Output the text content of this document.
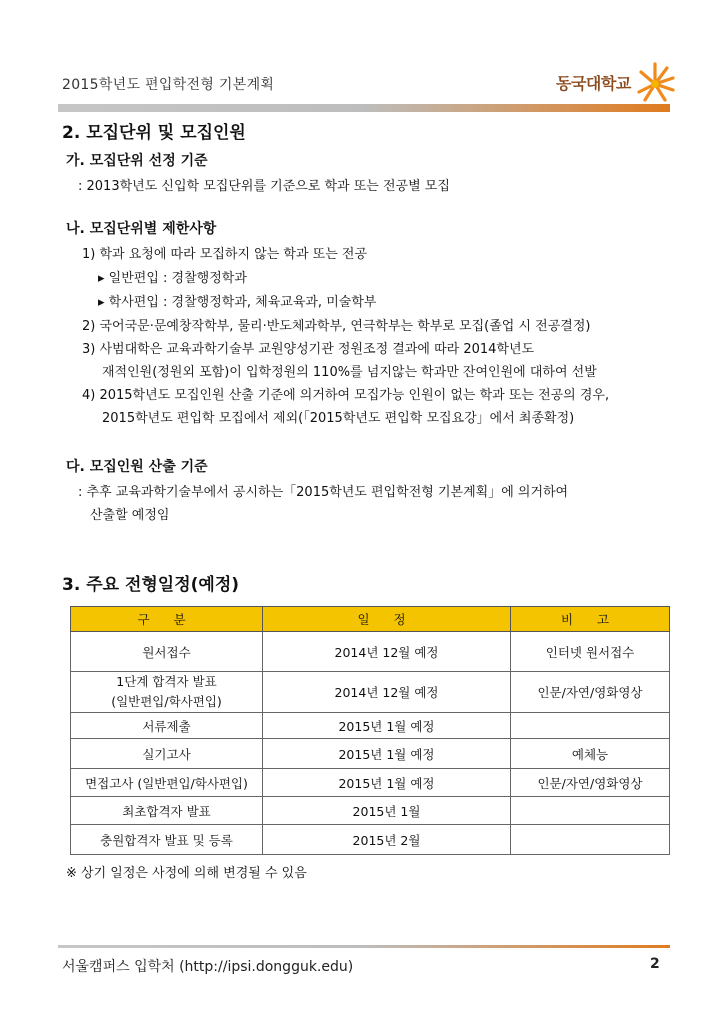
2015학년도 편입학전형 기본계획	동국대학교
2. 모집단위 및 모집인원
가. 모집단위 선정 기준
: 2013학년도 신입학 모집단위를 기준으로 학과 또는 전공별 모집
나. 모집단위별 제한사항
1) 학과 요청에 따라 모집하지 않는 학과 또는 전공
▸ 일반편입 : 경찰행정학과
▸ 학사편입 : 경찰행정학과, 체육교육과, 미술학부
2) 국어국문·문예창작학부, 물리·반도체과학부, 연극학부는 학부로 모집(졸업 시 전공결정)
3) 사범대학은 교육과학기술부 교원양성기관 정원조정 결과에 따라 2014학년도
재적인원(정원외 포함)이 입학정원의 110%를 넘지않는 학과만 잔여인원에 대하여 선발
4) 2015학년도 모집인원 산출 기준에 의거하여 모집가능 인원이 없는 학과 또는 전공의 경우,
2015학년도 편입학 모집에서 제외(「2015학년도 편입학 모집요강」에서 최종확정)
다. 모집인원 산출 기준
: 추후 교육과학기술부에서 공시하는「2015학년도 편입학전형 기본계획」에 의거하여
산출할 예정임
3. 주요 전형일정(예정)
구 분	일 정	비 고
원서접수	2014년 12월 예정	인터넷 원서접수

1단계 합격자 발표
(일반편입/학사편입)	2014년 12월 예정	인문/자연/영화영상
서류제출	2015년 1월 예정	
실기고사	2015년 1월 예정	예체능
면접고사 (일반편입/학사편입)	2015년 1월 예정	인문/자연/영화영상
최초합격자 발표	2015년 1월	
충원합격자 발표 및 등록	2015년 2월	
※ 상기 일정은 사정에 의해 변경될 수 있음
서울캠퍼스 입학처 (http://ipsi.dongguk.edu)	2
